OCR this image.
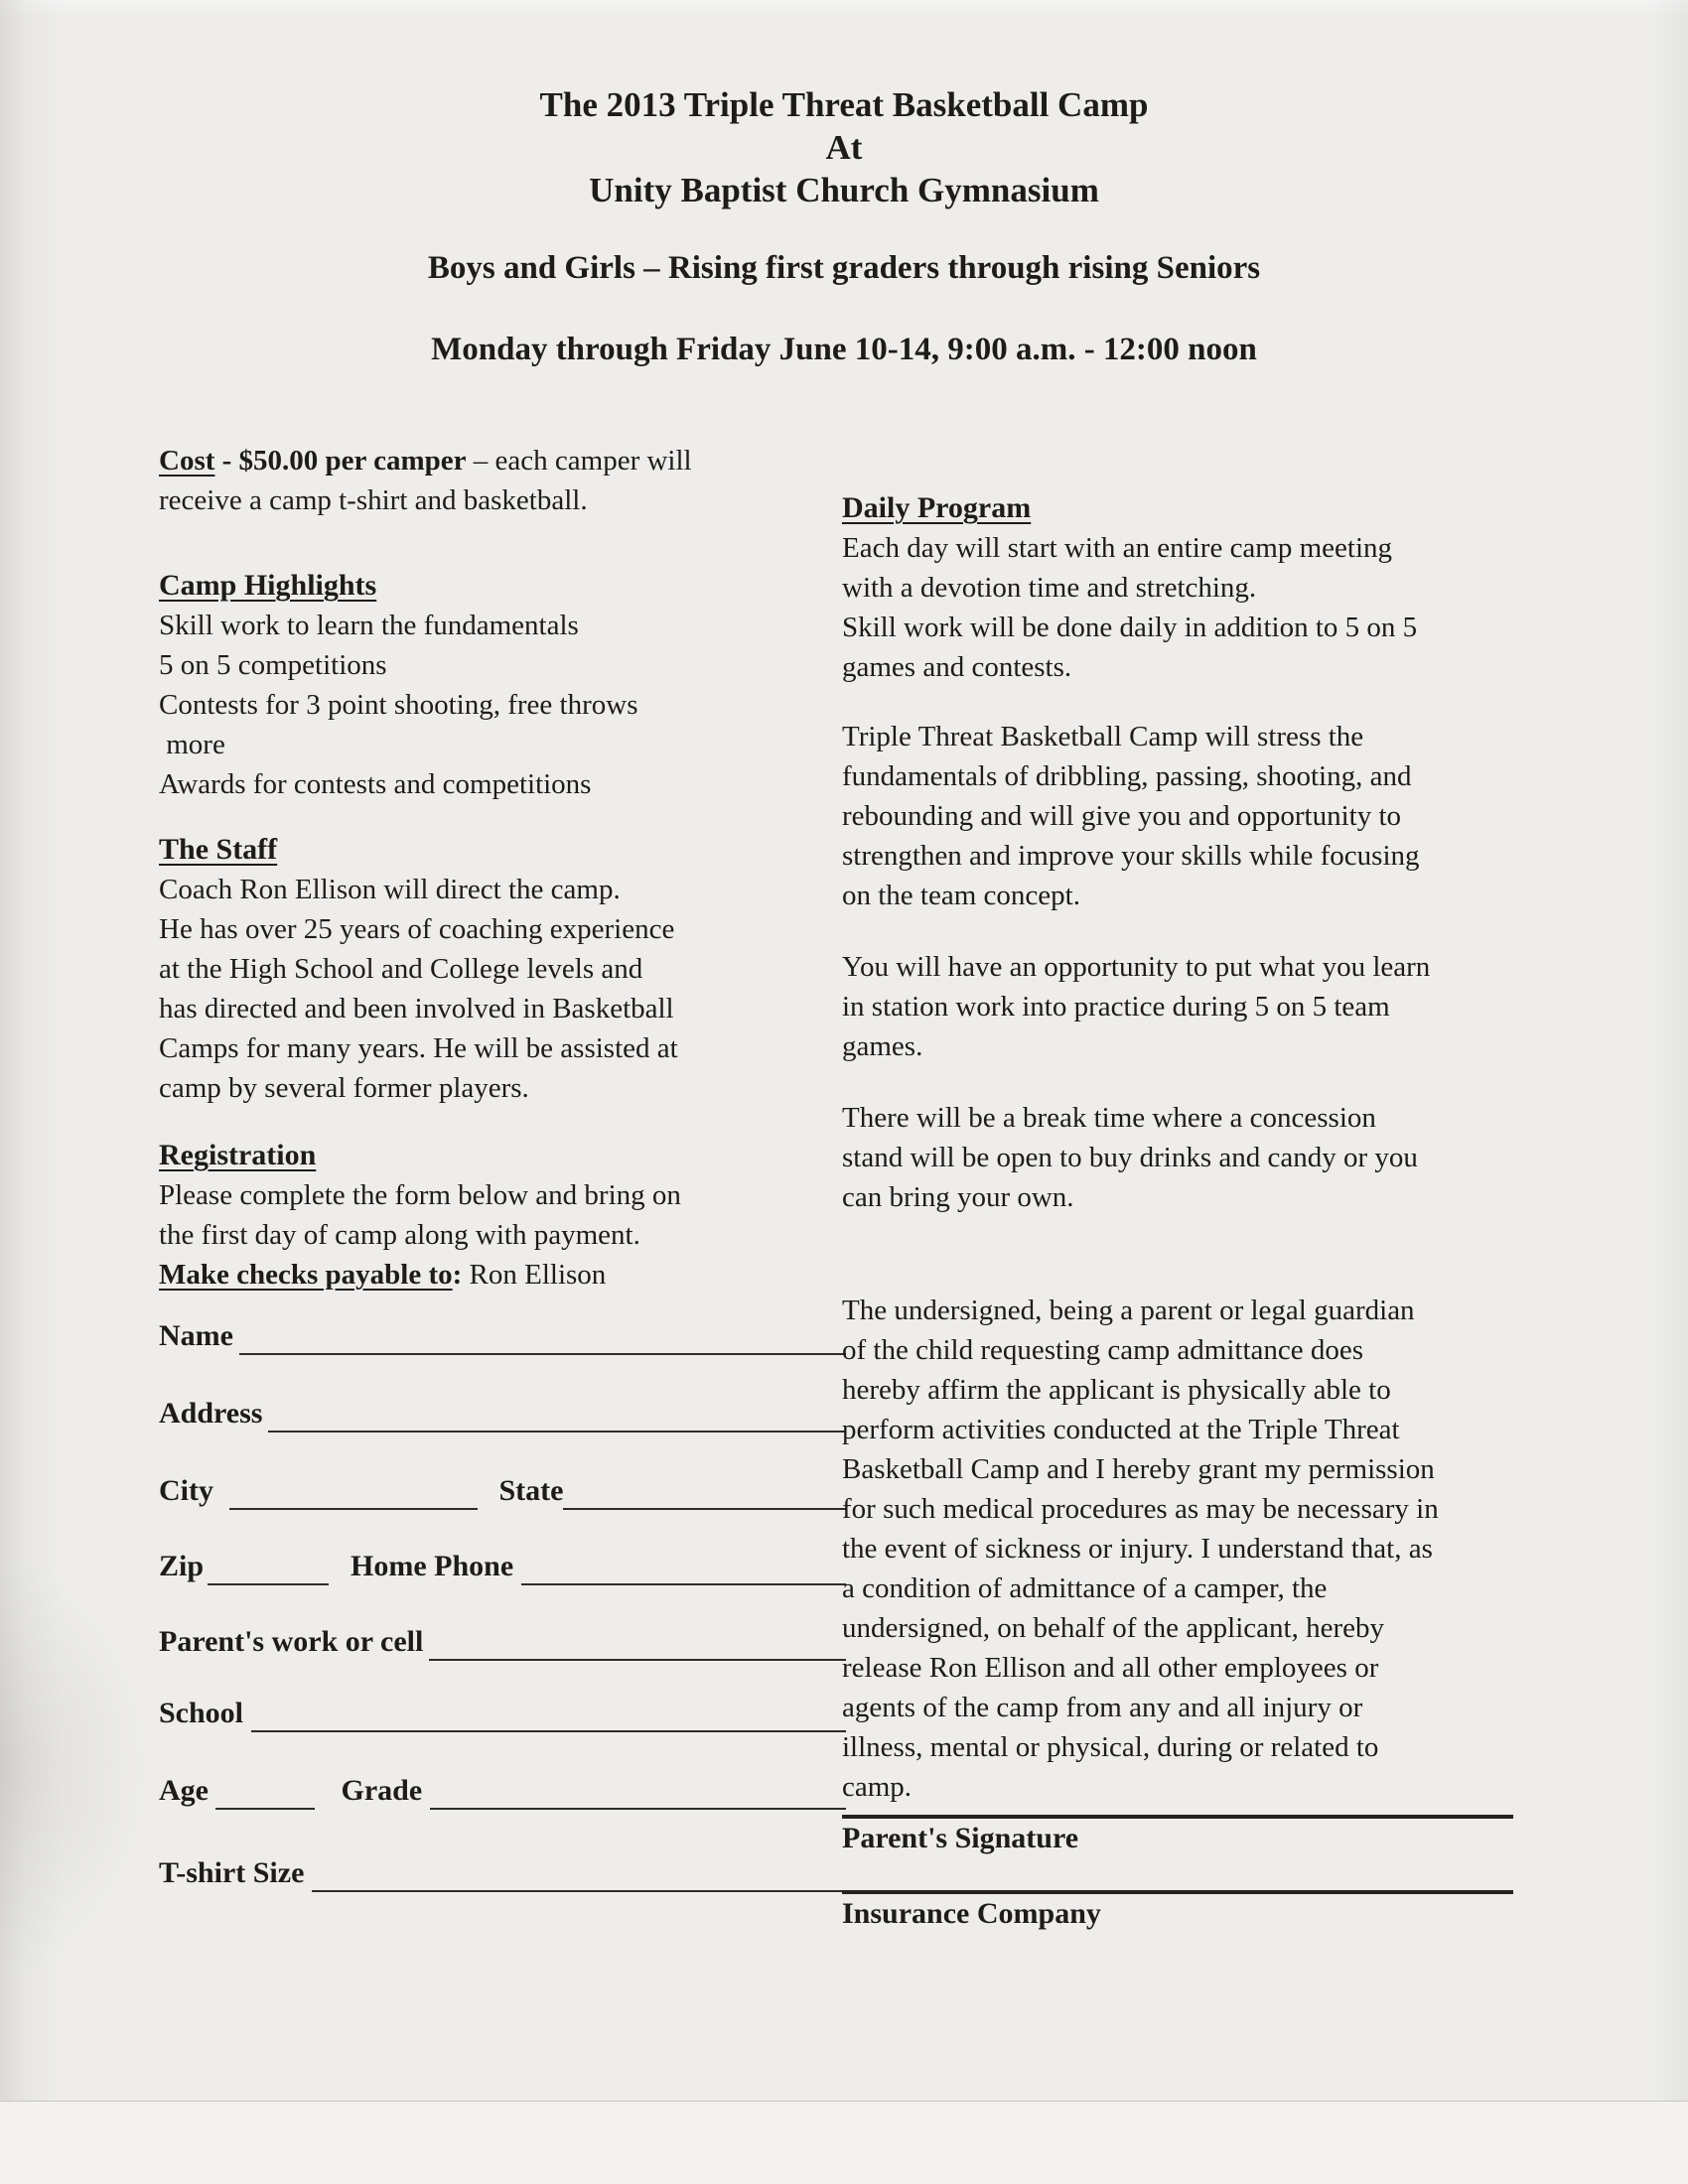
The 2013 Triple Threat Basketball Camp
At
Unity Baptist Church Gymnasium
Boys and Girls – Rising first graders through rising Seniors
Monday through Friday June 10-14, 9:00 a.m. - 12:00 noon
Cost - $50.00 per camper – each camper will
receive a camp t-shirt and basketball.
Camp Highlights
Skill work to learn the fundamentals
5 on 5 competitions
Contests for 3 point shooting, free throws
more
Awards for contests and competitions
The Staff
Coach Ron Ellison will direct the camp.
He has over 25 years of coaching experience
at the High School and College levels and
has directed and been involved in Basketball
Camps for many years. He will be assisted at
camp by several former players.
Registration
Please complete the form below and bring on
the first day of camp along with payment.
Make checks payable to: Ron Ellison
Name
Address
City	State
Zip	Home Phone
Parent's work or cell
School
Age	Grade
T-shirt Size
Daily Program
Each day will start with an entire camp meeting
with a devotion time and stretching.
Skill work will be done daily in addition to 5 on 5
games and contests.
Triple Threat Basketball Camp will stress the
fundamentals of dribbling, passing, shooting, and
rebounding and will give you and opportunity to
strengthen and improve your skills while focusing
on the team concept.
You will have an opportunity to put what you learn
in station work into practice during 5 on 5 team
games.
There will be a break time where a concession
stand will be open to buy drinks and candy or you
can bring your own.
The undersigned, being a parent or legal guardian
of the child requesting camp admittance does
hereby affirm the applicant is physically able to
perform activities conducted at the Triple Threat
Basketball Camp and I hereby grant my permission
for such medical procedures as may be necessary in
the event of sickness or injury. I understand that, as
a condition of admittance of a camper, the
undersigned, on behalf of the applicant, hereby
release Ron Ellison and all other employees or
agents of the camp from any and all injury or
illness, mental or physical, during or related to
camp.
Parent's Signature
Insurance Company
